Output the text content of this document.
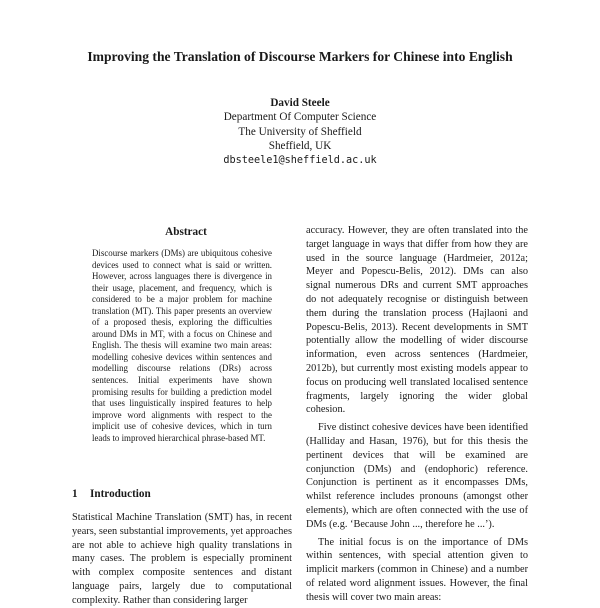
Improving the Translation of Discourse Markers for Chinese into English
David Steele
Department Of Computer Science
The University of Sheffield
Sheffield, UK
dbsteele1@sheffield.ac.uk
Abstract
Discourse markers (DMs) are ubiquitous cohesive devices used to connect what is said or written. However, across languages there is divergence in their usage, placement, and frequency, which is considered to be a major problem for machine translation (MT). This paper presents an overview of a proposed thesis, exploring the difficulties around DMs in MT, with a focus on Chinese and English. The thesis will examine two main areas: modelling cohesive devices within sentences and modelling discourse relations (DRs) across sentences. Initial experiments have shown promising results for building a prediction model that uses linguistically inspired features to help improve word alignments with respect to the implicit use of cohesive devices, which in turn leads to improved hierarchical phrase-based MT.
1 Introduction

Statistical Machine Translation (SMT) has, in recent years, seen substantial improvements, yet approaches are not able to achieve high quality translations in many cases. The problem is especially prominent with complex composite sentences and distant language pairs, largely due to computational complexity. Rather than considering larger

accuracy. However, they are often translated into the target language in ways that differ from how they are used in the source language (Hardmeier, 2012a; Meyer and Popescu-Belis, 2012). DMs can also signal numerous DRs and current SMT approaches do not adequately recognise or distinguish between them during the translation process (Hajlaoni and Popescu-Belis, 2013). Recent developments in SMT potentially allow the modelling of wider discourse information, even across sentences (Hardmeier, 2012b), but currently most existing models appear to focus on producing well translated localised sentence fragments, largely ignoring the wider global cohesion.

Five distinct cohesive devices have been identified (Halliday and Hasan, 1976), but for this thesis the pertinent devices that will be examined are conjunction (DMs) and (endophoric) reference. Conjunction is pertinent as it encompasses DMs, whilst reference includes pronouns (amongst other elements), which are often connected with the use of DMs (e.g. ‘Because John ..., therefore he ...’).

The initial focus is on the importance of DMs within sentences, with special attention given to implicit markers (common in Chinese) and a number of related word alignment issues. However, the final thesis will cover two main areas:
